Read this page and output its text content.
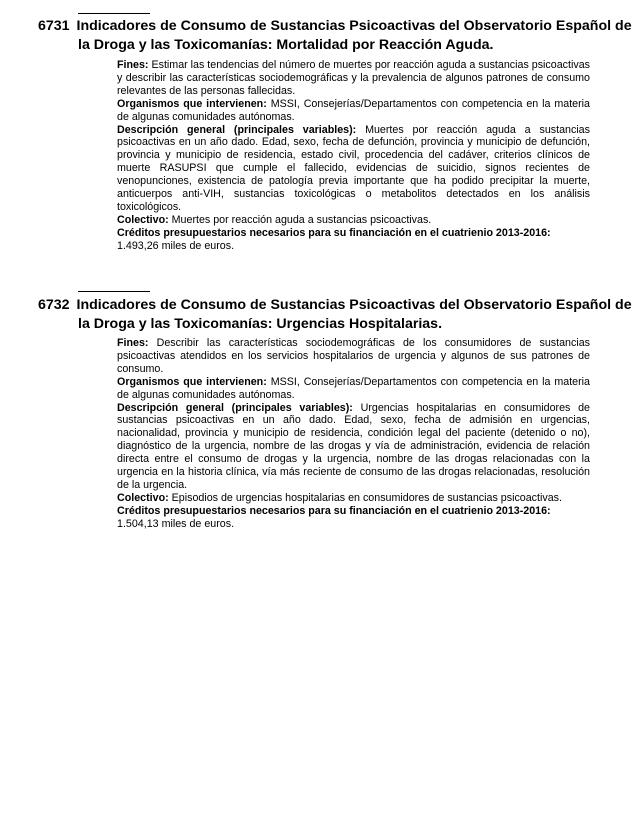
6731 Indicadores de Consumo de Sustancias Psicoactivas del Observatorio Español de la Droga y las Toxicomanías: Mortalidad por Reacción Aguda.

Fines: Estimar las tendencias del número de muertes por reacción aguda a sustancias psicoactivas y describir las características sociodemográficas y la prevalencia de algunos patrones de consumo relevantes de las personas fallecidas.

Organismos que intervienen: MSSI, Consejerías/Departamentos con competencia en la materia de algunas comunidades autónomas.

Descripción general (principales variables): Muertes por reacción aguda a sustancias psicoactivas en un año dado. Edad, sexo, fecha de defunción, provincia y municipio de defunción, provincia y municipio de residencia, estado civil, procedencia del cadáver, criterios clínicos de muerte RASUPSI que cumple el fallecido, evidencias de suicidio, signos recientes de venopunciones, existencia de patología previa importante que ha podido precipitar la muerte, anticuerpos anti-VIH, sustancias toxicológicas o metabolitos detectados en los análisis toxicológicos.

Colectivo: Muertes por reacción aguda a sustancias psicoactivas.

Créditos presupuestarios necesarios para su financiación en el cuatrienio 2013-2016:

1.493,26 miles de euros.

6732 Indicadores de Consumo de Sustancias Psicoactivas del Observatorio Español de la Droga y las Toxicomanías: Urgencias Hospitalarias.

Fines: Describir las características sociodemográficas de los consumidores de sustancias psicoactivas atendidos en los servicios hospitalarios de urgencia y algunos de sus patrones de consumo.

Organismos que intervienen: MSSI, Consejerías/Departamentos con competencia en la materia de algunas comunidades autónomas.

Descripción general (principales variables): Urgencias hospitalarias en consumidores de sustancias psicoactivas en un año dado. Edad, sexo, fecha de admisión en urgencias, nacionalidad, provincia y municipio de residencia, condición legal del paciente (detenido o no), diagnóstico de la urgencia, nombre de las drogas y vía de administración, evidencia de relación directa entre el consumo de drogas y la urgencia, nombre de las drogas relacionadas con la urgencia en la historia clínica, vía más reciente de consumo de las drogas relacionadas, resolución de la urgencia.

Colectivo: Episodios de urgencias hospitalarias en consumidores de sustancias psicoactivas.

Créditos presupuestarios necesarios para su financiación en el cuatrienio 2013-2016:

1.504,13 miles de euros.
